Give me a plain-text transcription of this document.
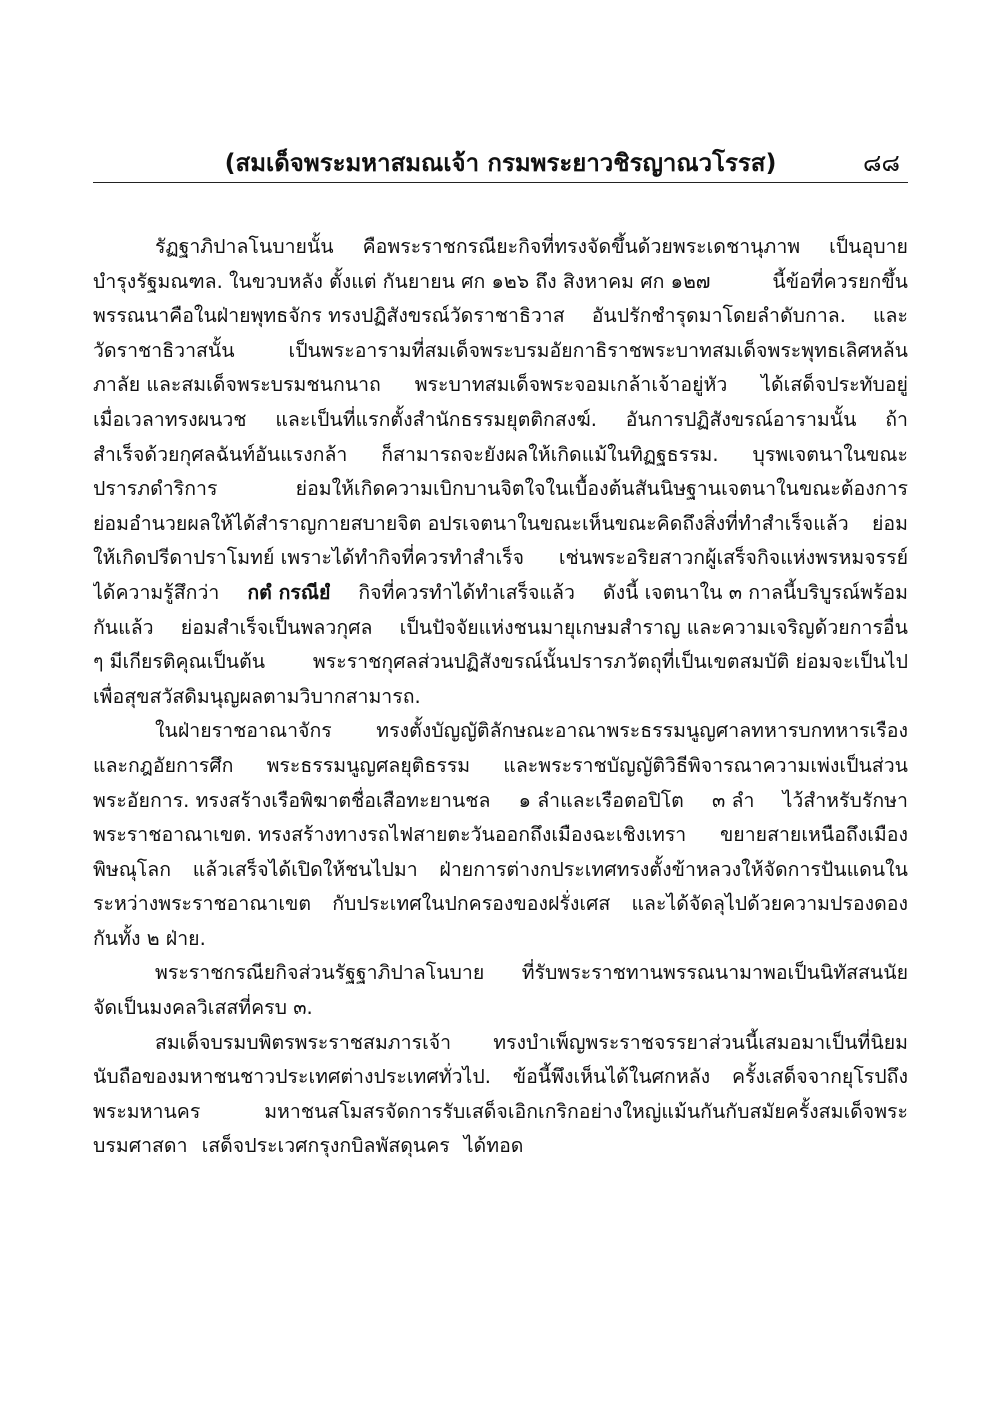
(สมเด็จพระมหาสมณเจ้า กรมพระยาวชิรญาณวโรรส)	๘๘
รัฏฐาภิปาลโนบายนั้น คือพระราชกรณียะกิจที่ทรงจัดขึ้นด้วยพระเดชานุภาพ เป็นอุบาย
บำรุงรัฐมณฑล. ในขวบหลัง ตั้งแต่ กันยายน ศก ๑๒๖ ถึง สิงหาคม ศก ๑๒๗	นี้ข้อที่ควรยกขึ้น
พรรณนาคือในฝ่ายพุทธจักร ทรงปฏิสังขรณ์วัดราชาธิวาส อันปรักชำรุดมาโดยลำดับกาล. และ
วัดราชาธิวาสนั้น	เป็นพระอารามที่สมเด็จพระบรมอัยกาธิราชพระบาทสมเด็จพระพุทธเลิศหล้น
ภาลัย และสมเด็จพระบรมชนกนาถ พระบาทสมเด็จพระจอมเกล้าเจ้าอยู่หัว ได้เสด็จประทับอยู่
เมื่อเวลาทรงผนวช และเป็นที่แรกตั้งสำนักธรรมยุตติกสงฆ์. อันการปฏิสังขรณ์อารามนั้น ถ้า
สำเร็จด้วยกุศลฉันท์อันแรงกล้า ก็สามารถจะยังผลให้เกิดแม้ในทิฏฐธรรม. บุรพเจตนาในขณะ
ปรารภดำริการ	ย่อมให้เกิดความเบิกบานจิตใจในเบื้องต้นสันนิษฐานเจตนาในขณะต้องการ
ย่อมอำนวยผลให้ได้สำราญกายสบายจิต อปรเจตนาในขณะเห็นขณะคิดถึงสิ่งที่ทำสำเร็จแล้ว ย่อม
ให้เกิดปรีดาปราโมทย์ เพราะได้ทำกิจที่ควรทำสำเร็จ เช่นพระอริยสาวกผู้เสร็จกิจแห่งพรหมจรรย์
ได้ความรู้สึกว่า กตํ กรณียํ กิจที่ควรทำได้ทำเสร็จแล้ว ดังนี้ เจตนาใน ๓ กาลนี้บริบูรณ์พร้อม
กันแล้ว ย่อมสำเร็จเป็นพลวกุศล เป็นปัจจัยแห่งชนมายุเกษมสำราญ และความเจริญด้วยการอื่น
ๆ มีเกียรติคุณเป็นต้น พระราชกุศลส่วนปฏิสังขรณ์นั้นปรารภวัตถุที่เป็นเขตสมบัติ ย่อมจะเป็นไป
เพื่อสุขสวัสดิมนุญผลตามวิบากสามารถ.
ในฝ่ายราชอาณาจักร ทรงตั้งบัญญัติลักษณะอาณาพระธรรมนูญศาลทหารบกทหารเรือง
และกฎอัยการศึก พระธรรมนูญศลยุติธรรม และพระราชบัญญัติวิธีพิจารณาความเพ่งเป็นส่วน
พระอัยการ. ทรงสร้างเรือพิฆาตชื่อเสือทะยานชล ๑ ลำและเรือตอปิโต ๓ ลำ ไว้สำหรับรักษา
พระราชอาณาเขต. ทรงสร้างทางรถไฟสายตะวันออกถึงเมืองฉะเชิงเทรา ขยายสายเหนือถึงเมือง
พิษณุโลก แล้วเสร็จได้เปิดให้ชนไปมา ฝ่ายการต่างกประเทศทรงตั้งข้าหลวงให้จัดการปันแดนใน
ระหว่างพระราชอาณาเขต กับประเทศในปกครองของฝรั่งเศส และได้จัดลุไปด้วยความปรองดอง
กันทั้ง ๒ ฝ่าย.
พระราชกรณียกิจส่วนรัฐฐาภิปาลโนบาย ที่รับพระราชทานพรรณนามาพอเป็นนิทัสสนนัย
จัดเป็นมงคลวิเสสที่ครบ ๓.
สมเด็จบรมบพิตรพระราชสมภารเจ้า ทรงบำเพ็ญพระราชจรรยาส่วนนี้เสมอมาเป็นที่นิยม
นับถือของมหาชนชาวประเทศต่างประเทศทั่วไป. ข้อนี้พึงเห็นได้ในศกหลัง ครั้งเสด็จจากยุโรปถึง
พระมหานคร	มหาชนสโมสรจัดการรับเสด็จเอิกเกริกอย่างใหญ่แม้นกันกับสมัยครั้งสมเด็จพระ
บรมศาสดา เสด็จประเวศกรุงกบิลพัสดุนคร ได้ทอด
